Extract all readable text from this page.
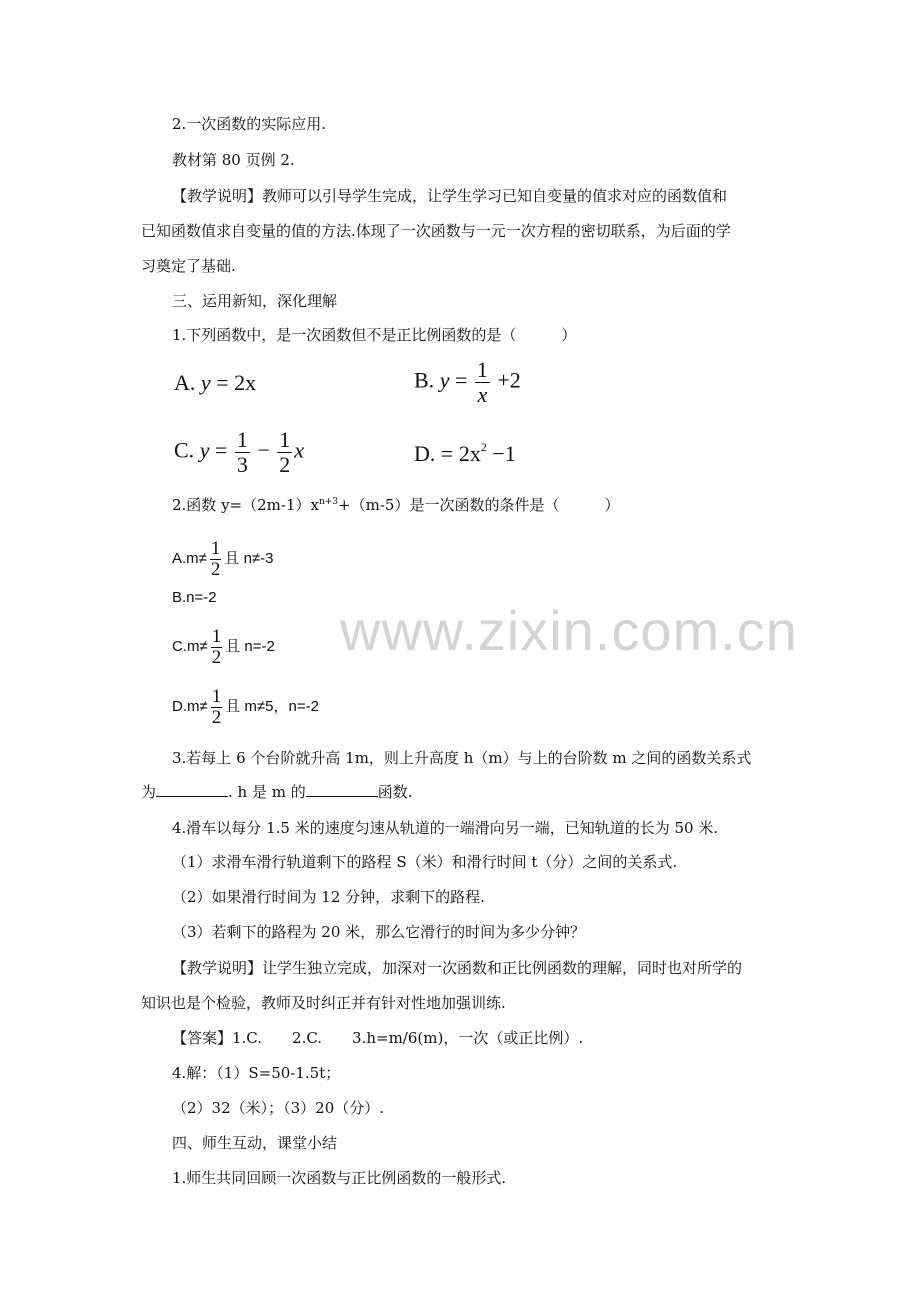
www.zixin.com.cn
2.一次函数的实际应用.
教材第 80 页例 2.
【教学说明】教师可以引导学生完成，让学生学习已知自变量的值求对应的函数值和
已知函数值求自变量的值的方法.体现了一次函数与一元一次方程的密切联系，为后面的学
习奠定了基础.
三、运用新知，深化理解
1.下列函数中，是一次函数但不是正比例函数的是（　　　）
A. y = 2x	B. $y = \frac{1}{x} +2$
C. $y = \frac{1}{3} - \frac{1}{2}$ x	D. = $2x^2 -1$
2.函数 $y=(2m-1)x^{n+3}+(m-5)$是一次函数的条件是（　　　）
$A.m\ne \frac{1}{2}$ 且 n≠-3
B.n=-2
$C.m\ne \frac{1}{2}$ 且 n=-2
$D.m\ne \frac{1}{2}$ 且 m≠5，n=-2
3.若每上 6 个台阶就升高 1m，则上升高度 h（m）与上的台阶数 m 之间的函数关系式
为	. h 是 m 的	函数.
4.滑车以每分 1.5 米的速度匀速从轨道的一端滑向另一端，已知轨道的长为 50 米.
（1）求滑车滑行轨道剩下的路程 S（米）和滑行时间 t（分）之间的关系式.
（2）如果滑行时间为 12 分钟，求剩下的路程.
（3）若剩下的路程为 20 米，那么它滑行的时间为多少分钟？
【教学说明】让学生独立完成，加深对一次函数和正比例函数的理解，同时也对所学的
知识也是个检验，教师及时纠正并有针对性地加强训练.
【答案】1.C.　　2.C.　　3.h=m/6(m)，一次（或正比例）.
4.解：（1）S=50-1.5t；
（2）32（米）；（3）20（分）.
四、师生互动，课堂小结
1.师生共同回顾一次函数与正比例函数的一般形式.
